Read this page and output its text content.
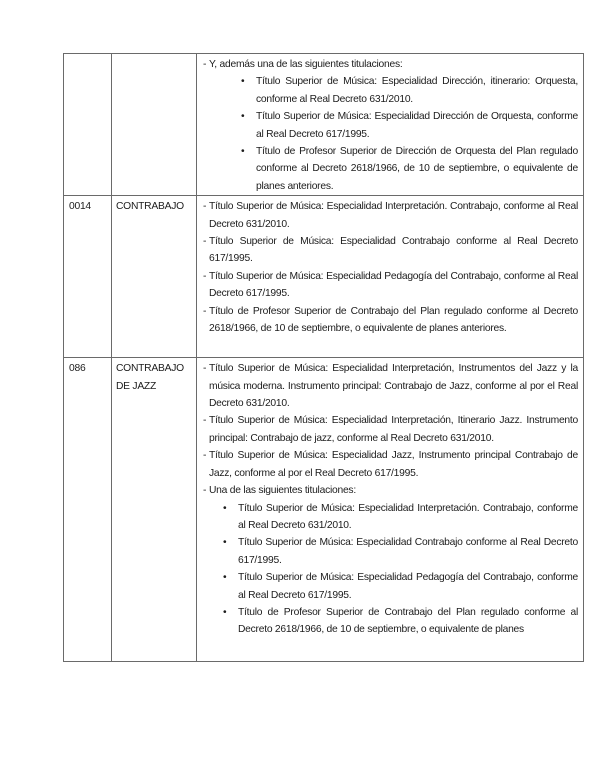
- Y, además una de las siguientes titulaciones:
• Título Superior de Música: Especialidad Dirección, itinerario: Orquesta, conforme al Real Decreto 631/2010.
• Título Superior de Música: Especialidad Dirección de Orquesta, conforme al Real Decreto 617/1995.
• Título de Profesor Superior de Dirección de Orquesta del Plan regulado conforme al Decreto 2618/1966, de 10 de septiembre, o equivalente de planes anteriores.

0014	CONTRABAJO	- Título Superior de Música: Especialidad Interpretación. Contrabajo, conforme al Real Decreto 631/2010.
- Título Superior de Música: Especialidad Contrabajo conforme al Real Decreto 617/1995.
- Título Superior de Música: Especialidad Pedagogía del Contrabajo, conforme al Real Decreto 617/1995.
- Título de Profesor Superior de Contrabajo del Plan regulado conforme al Decreto 2618/1966, de 10 de septiembre, o equivalente de planes anteriores.

086	CONTRABAJO DE JAZZ

- Título Superior de Música: Especialidad Interpretación, Instrumentos del Jazz y la música moderna. Instrumento principal: Contrabajo de Jazz, conforme al por el Real Decreto 631/2010.
- Título Superior de Música: Especialidad Interpretación, Itinerario Jazz. Instrumento principal: Contrabajo de jazz, conforme al Real Decreto 631/2010.
- Título Superior de Música: Especialidad Jazz, Instrumento principal Contrabajo de Jazz, conforme al por el Real Decreto 617/1995.
- Una de las siguientes titulaciones:
• Título Superior de Música: Especialidad Interpretación. Contrabajo, conforme al Real Decreto 631/2010.
• Título Superior de Música: Especialidad Contrabajo conforme al Real Decreto 617/1995.
• Título Superior de Música: Especialidad Pedagogía del Contrabajo, conforme al Real Decreto 617/1995.
• Título de Profesor Superior de Contrabajo del Plan regulado conforme al Decreto 2618/1966, de 10 de septiembre, o equivalente de planes
